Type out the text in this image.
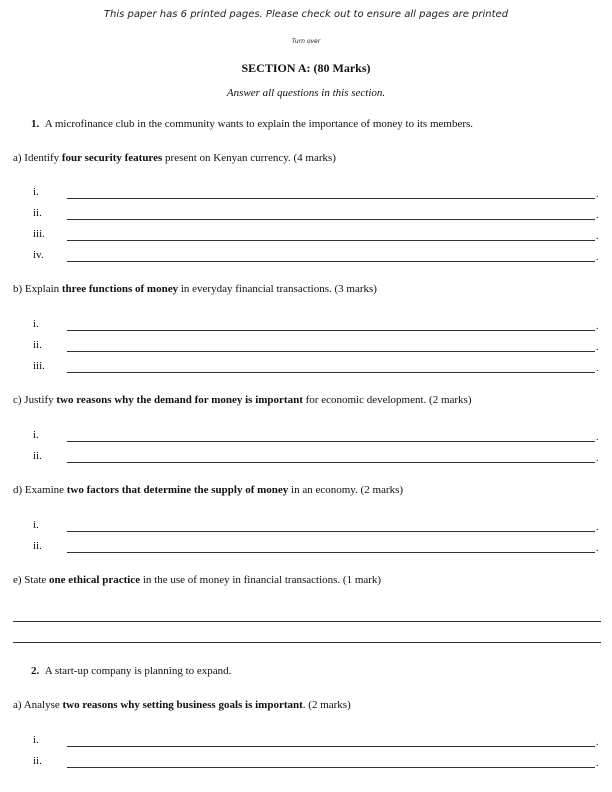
This paper has 6 printed pages. Please check out to ensure all pages are printed
Turn over
SECTION A: (80 Marks)
Answer all questions in this section.
1. A microfinance club in the community wants to explain the importance of money to its members.
a) Identify four security features present on Kenyan currency. (4 marks)
i.	.
ii.	.
iii.	.
iv.	.
b) Explain three functions of money in everyday financial transactions. (3 marks)
i.	.
ii.	.
iii.	.
c) Justify two reasons why the demand for money is important for economic development. (2 marks)
i.	.
ii.	.
d) Examine two factors that determine the supply of money in an economy. (2 marks)
i.	.
ii.	.
e) State one ethical practice in the use of money in financial transactions. (1 mark)
2. A start-up company is planning to expand.
a) Analyse two reasons why setting business goals is important. (2 marks)
i.	.
ii.	.
